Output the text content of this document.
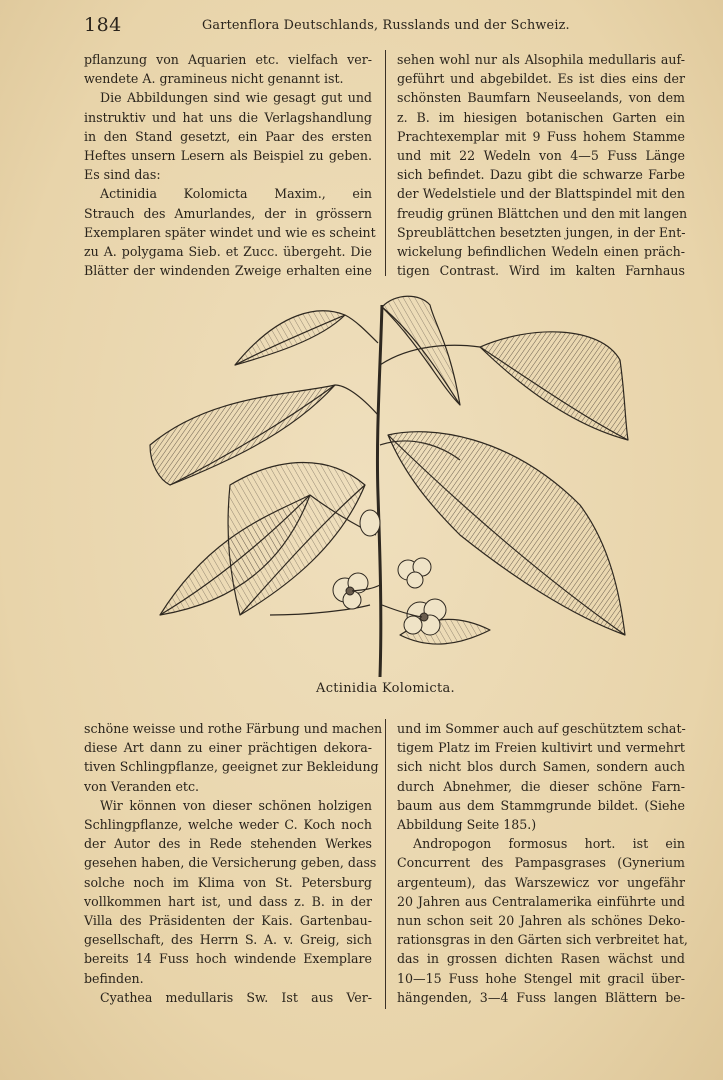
184	Gartenflora Deutschlands, Russlands und der Schweiz.
pflanzung von Aquarien etc. vielfach ver-
wendete A. gramineus nicht genannt ist.
Die Abbildungen sind wie gesagt gut und
instruktiv und hat uns die Verlagshandlung
in den Stand gesetzt, ein Paar des ersten
Heftes unsern Lesern als Beispiel zu geben.
Es sind das:
Actinidia Kolomicta Maxim., ein
Strauch des Amurlandes, der in grössern
Exemplaren später windet und wie es scheint
zu A. polygama Sieb. et Zucc. übergeht. Die
Blätter der windenden Zweige erhalten eine
sehen wohl nur als Alsophila medullaris auf-
geführt und abgebildet. Es ist dies eins der
schönsten Baumfarn Neuseelands, von dem
z. B. im hiesigen botanischen Garten ein
Prachtexemplar mit 9 Fuss hohem Stamme
und mit 22 Wedeln von 4—5 Fuss Länge
sich befindet. Dazu gibt die schwarze Farbe
der Wedelstiele und der Blattspindel mit den
freudig grünen Blättchen und den mit langen
Spreublättchen besetzten jungen, in der Ent-
wickelung befindlichen Wedeln einen präch-
tigen Contrast. Wird im kalten Farnhaus
Actinidia Kolomicta.
schöne weisse und rothe Färbung und machen
diese Art dann zu einer prächtigen dekora-
tiven Schlingpflanze, geeignet zur Bekleidung
von Veranden etc.
Wir können von dieser schönen holzigen
Schlingpflanze, welche weder C. Koch noch
der Autor des in Rede stehenden Werkes
gesehen haben, die Versicherung geben, dass
solche noch im Klima von St. Petersburg
vollkommen hart ist, und dass z. B. in der
Villa des Präsidenten der Kais. Gartenbau-
gesellschaft, des Herrn S. A. v. Greig, sich
bereits 14 Fuss hoch windende Exemplare
befinden.
Cyathea medullaris Sw. Ist aus Ver-
und im Sommer auch auf geschütztem schat-
tigem Platz im Freien kultivirt und vermehrt
sich nicht blos durch Samen, sondern auch
durch Abnehmer, die dieser schöne Farn-
baum aus dem Stammgrunde bildet. (Siehe
Abbildung Seite 185.)
Andropogon formosus hort. ist ein
Concurrent des Pampasgrases (Gynerium
argenteum), das Warszewicz vor ungefähr
20 Jahren aus Centralamerika einführte und
nun schon seit 20 Jahren als schönes Deko-
rationsgras in den Gärten sich verbreitet hat,
das in grossen dichten Rasen wächst und
10—15 Fuss hohe Stengel mit gracil über-
hängenden, 3—4 Fuss langen Blättern be-
